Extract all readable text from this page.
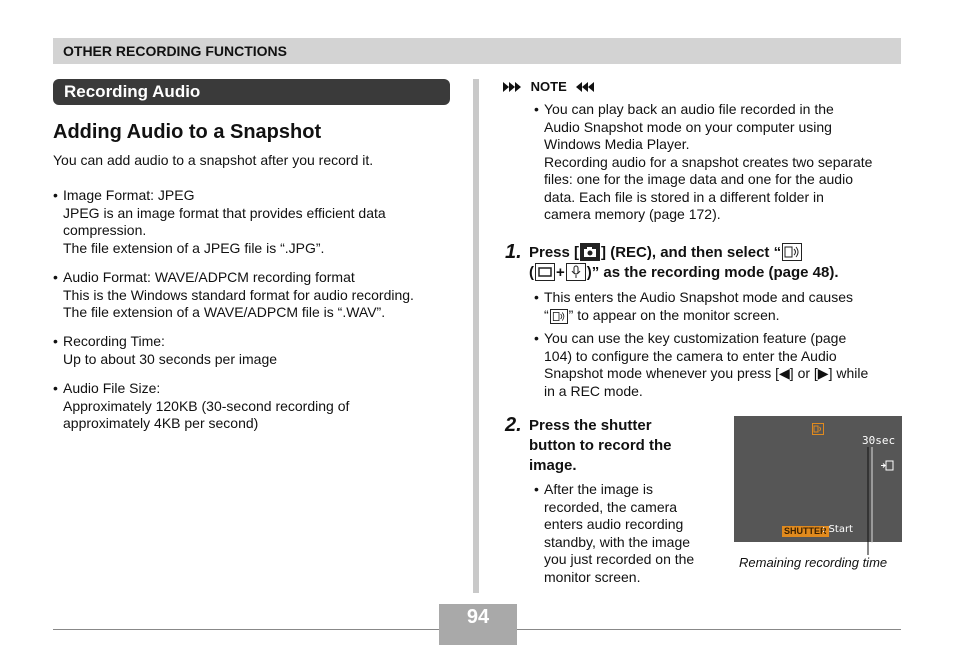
OTHER RECORDING FUNCTIONS
Recording Audio
Adding Audio to a Snapshot
You can add audio to a snapshot after you record it.
• Image Format: JPEG
JPEG is an image format that provides efficient data
compression.
The file extension of a JPEG file is “.JPG”.
• Audio Format: WAVE/ADPCM recording format
This is the Windows standard format for audio recording.
The file extension of a WAVE/ADPCM file is “.WAV”.
• Recording Time:
Up to about 30 seconds per image
• Audio File Size:
Approximately 120KB (30-second recording of
approximately 4KB per second)
NOTE
• You can play back an audio file recorded in the
Audio Snapshot mode on your computer using
Windows Media Player.
Recording audio for a snapshot creates two separate
files: one for the image data and one for the audio
data. Each file is stored in a different folder in
camera memory (page 172).
1. Press [ ] (REC), and then select “
( + )” as the recording mode (page 48).
• This enters the Audio Snapshot mode and causes
“ ” to appear on the monitor screen.
• You can use the key customization feature (page
104) to configure the camera to enter the Audio
Snapshot mode whenever you press [◀] or [▶] while
in a REC mode.
2. Press the shutter
button to record the
image.
• After the image is
recorded, the camera
enters audio recording
standby, with the image
you just recorded on the
monitor screen.
30sec
SHUTTER
: Start
Remaining recording time
94
